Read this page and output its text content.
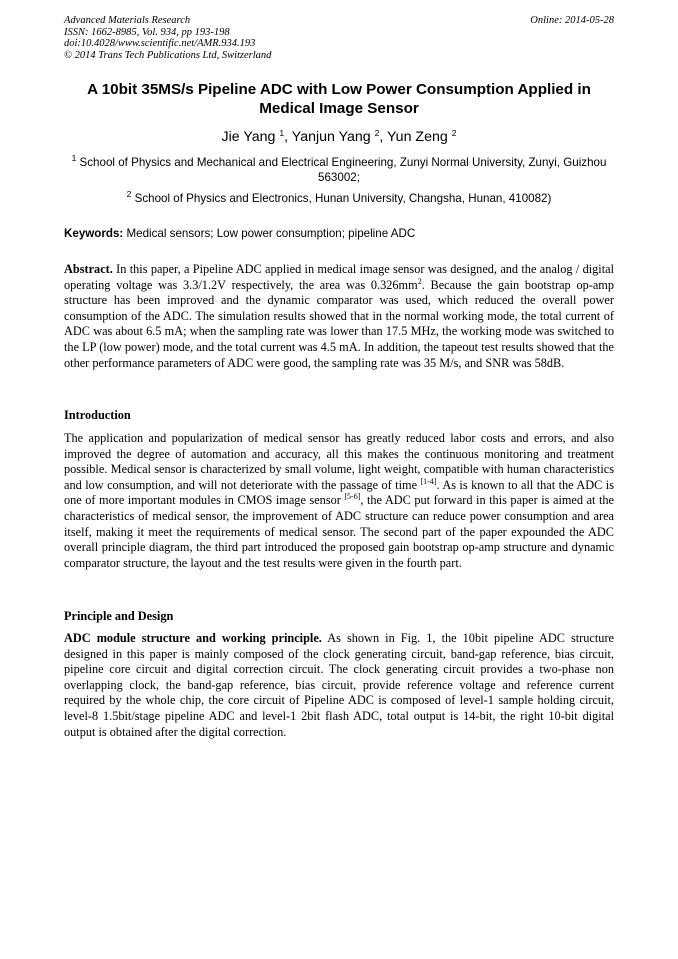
Advanced Materials Research
ISSN: 1662-8985, Vol. 934, pp 193-198
doi:10.4028/www.scientific.net/AMR.934.193
© 2014 Trans Tech Publications Ltd, Switzerland
Online: 2014-05-28
A 10bit 35MS/s Pipeline ADC with Low Power Consumption Applied in
Medical Image Sensor
Jie Yang $^1$, Yanjun Yang $^2$, Yun Zeng $^2$
$^1$ School of Physics and Mechanical and Electrical Engineering, Zunyi Normal University, Zunyi, Guizhou 563002;
$^2$ School of Physics and Electronics, Hunan University, Changsha, Hunan, 410082)
Keywords: Medical sensors; Low power consumption; pipeline ADC
Abstract. In this paper, a Pipeline ADC applied in medical image sensor was designed, and the analog / digital operating voltage was 3.3/1.2V respectively, the area was $0.326mm^2$. Because the gain bootstrap op-amp structure has been improved and the dynamic comparator was used, which reduced the overall power consumption of the ADC. The simulation results showed that in the normal working mode, the total current of ADC was about 6.5 mA; when the sampling rate was lower than 17.5 MHz, the working mode was switched to the LP (low power) mode, and the total current was 4.5 mA. In addition, the tapeout test results showed that the other performance parameters of ADC were good, the sampling rate was 35 M/s, and SNR was 58dB.
Introduction
The application and popularization of medical sensor has greatly reduced labor costs and errors, and also improved the degree of automation and accuracy, all this makes the continuous monitoring and treatment possible. Medical sensor is characterized by small volume, light weight, compatible with human characteristics and low consumption, and will not deteriorate with the passage of time [1-4]. As is known to all that the ADC is one of more important modules in CMOS image sensor [5-6], the ADC put forward in this paper is aimed at the characteristics of medical sensor, the improvement of ADC structure can reduce power consumption and area itself, making it meet the requirements of medical sensor. The second part of the paper expounded the ADC overall principle diagram, the third part introduced the proposed gain bootstrap op-amp structure and dynamic comparator structure, the layout and the test results were given in the fourth part.
Principle and Design
ADC module structure and working principle. As shown in Fig. 1, the 10bit pipeline ADC structure designed in this paper is mainly composed of the clock generating circuit, band-gap reference, bias circuit, pipeline core circuit and digital correction circuit. The clock generating circuit provides a two-phase non overlapping clock, the band-gap reference, bias circuit, provide reference voltage and reference current required by the whole chip, the core circuit of Pipeline ADC is composed of level-1 sample holding circuit, level-8 1.5bit/stage pipeline ADC and level-1 2bit flash ADC, total output is 14-bit, the right 10-bit digital output is obtained after the digital correction.
